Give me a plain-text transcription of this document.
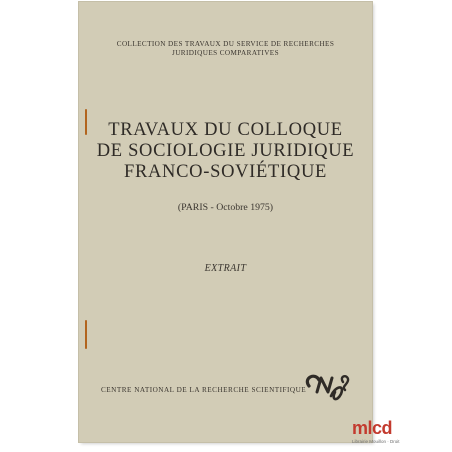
COLLECTION DES TRAVAUX DU SERVICE DE RECHERCHES
JURIDIQUES COMPARATIVES
TRAVAUX DU COLLOQUE
DE SOCIOLOGIE JURIDIQUE
FRANCO-SOVIÉTIQUE
(PARIS - Octobre 1975)
EXTRAIT
CENTRE NATIONAL DE LA RECHERCHE SCIENTIFIQUE
mlcd
Librairie Mouillon · Droit
